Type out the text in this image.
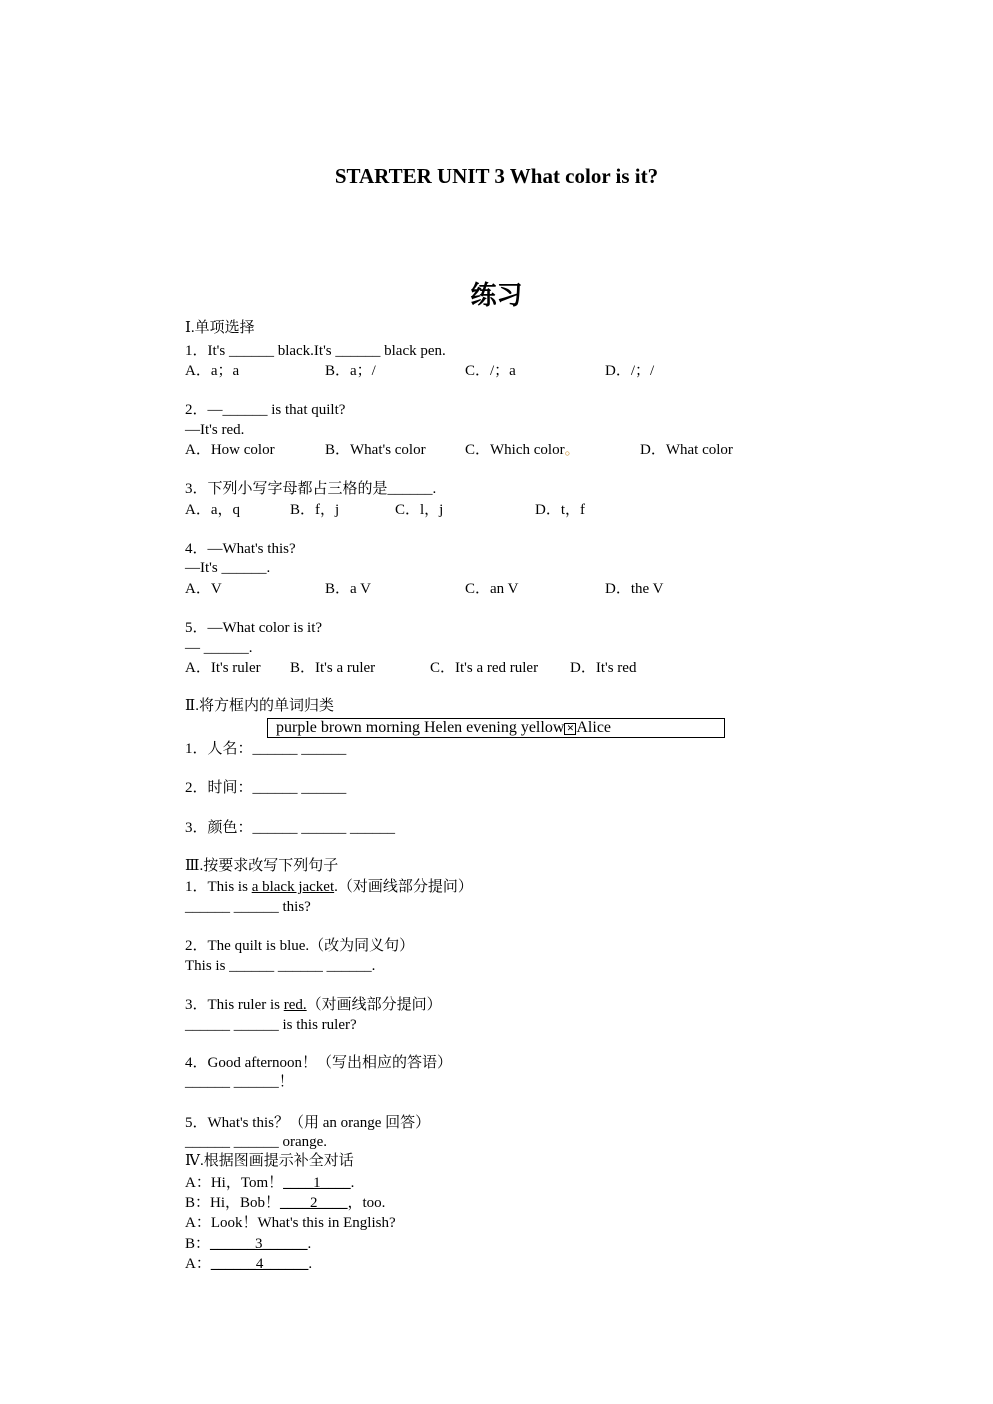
STARTER UNIT 3 What color is it?
练习
Ⅰ.单项选择
1．It's ______ black.It's ______ black pen.
A．a；a	B．a；/	C．/；a	D．/；/
2．—______ is that quilt?
—It's red.
A．How color	B．What's color	C．Which color。	D．What color
3．下列小写字母都占三格的是______.
A．a，q	B．f，j	C．l，j	D．t，f
4．—What's this?
—It's ______.
A．V	B．a V	C．an V	D．the V
5．—What color is it?
— ______.
A．It's ruler B．It's a ruler	C．It's a red ruler D．It's red
Ⅱ.将方框内的单词归类
purple brown morning Helen evening yellow ✕ Alice
1．人名：______ ______
2．时间：______ ______
3．颜色：______ ______ ______
Ⅲ.按要求改写下列句子
1．This is a black jacket.（对画线部分提问）
______ ______ this?
2．The quilt is blue.（改为同义句）
This is ______ ______ ______.
3．This ruler is red.（对画线部分提问）
______ ______ is this ruler?
4．Good afternoon！（写出相应的答语）
______ ______！
5．What's this？（用 an orange 回答）
______ ______ orange.
Ⅳ.根据图画提示补全对话
A：Hi，Tom！____1____.
B：Hi，Bob！____2____，too.
A：Look！What's this in English?
B：______3______.
A：______4______.
